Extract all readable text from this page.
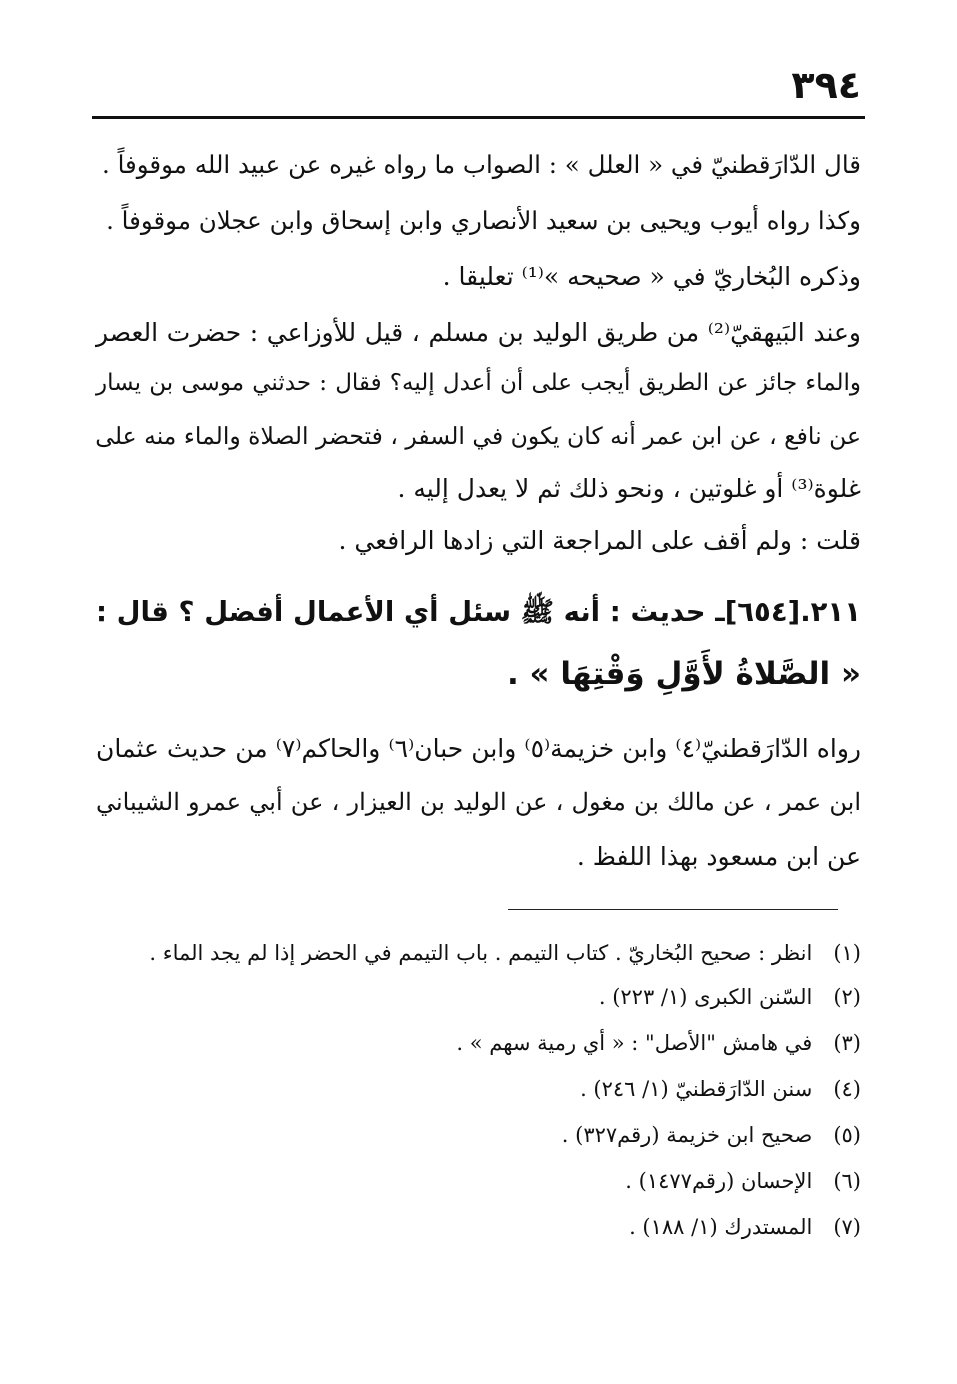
٣٩٤
قال الدّارَقطنيّ في « العلل » : الصواب ما رواه غيره عن عبيد الله موقوفاً .
وكذا رواه أيوب ويحيى بن سعيد الأنصاري وابن إسحاق وابن عجلان موقوفاً .
وذكره البُخاريّ في « صحيحه »⁽¹⁾ تعليقا .
وعند البَيهقيّ⁽²⁾ من طريق الوليد بن مسلم ، قيل للأوزاعي : حضرت العصر
والماء جائز عن الطريق أيجب على أن أعدل إليه؟ فقال : حدثني موسى بن يسار
عن نافع ، عن ابن عمر أنه كان يكون في السفر ، فتحضر الصلاة والماء منه على
غلوة⁽³⁾ أو غلوتين ، ونحو ذلك ثم لا يعدل إليه .
قلت : ولم أقف على المراجعة التي زادها الرافعي .
٢١١.[٦٥٤]ـ حديث : أنه ﷺ سئل أي الأعمال أفضل ؟ قال :
« الصَّلاةُ لأَوَّلِ وَقْتِهَا » .
رواه الدّارَقطنيّ⁽٤⁾ وابن خزيمة⁽٥⁾ وابن حبان⁽٦⁾ والحاكم⁽٧⁾ من حديث عثمان
ابن عمر ، عن مالك بن مغول ، عن الوليد بن العيزار ، عن أبي عمرو الشيباني
عن ابن مسعود بهذا اللفظ .
(١) انظر : صحيح البُخاريّ . كتاب التيمم . باب التيمم في الحضر إذا لم يجد الماء .
(٢) السّنن الكبرى (١/ ٢٢٣) .
(٣) في هامش "الأصل" : « أي رمية سهم » .
(٤) سنن الدّارَقطنيّ (١/ ٢٤٦) .
(٥) صحيح ابن خزيمة (رقم٣٢٧) .
(٦) الإحسان (رقم١٤٧٧) .
(٧) المستدرك (١/ ١٨٨) .
